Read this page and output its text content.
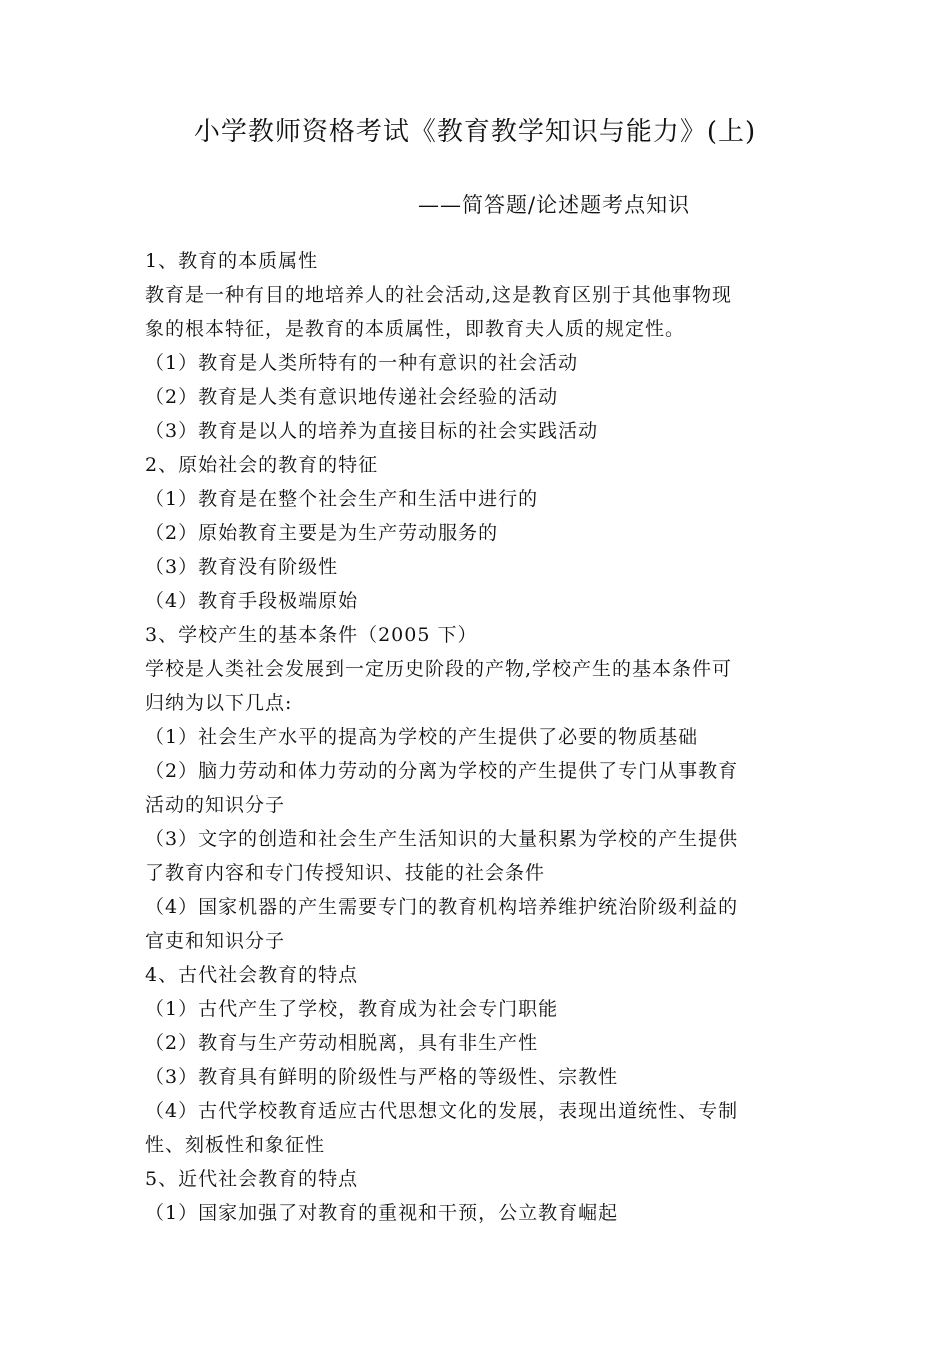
小学教师资格考试《教育教学知识与能力》(上)
——简答题/论述题考点知识
1、教育的本质属性
教育是一种有目的地培养人的社会活动,这是教育区别于其他事物现
象的根本特征，是教育的本质属性，即教育夫人质的规定性。
（1）教育是人类所特有的一种有意识的社会活动
（2）教育是人类有意识地传递社会经验的活动
（3）教育是以人的培养为直接目标的社会实践活动
2、原始社会的教育的特征
（1）教育是在整个社会生产和生活中进行的
（2）原始教育主要是为生产劳动服务的
（3）教育没有阶级性
（4）教育手段极端原始
3、学校产生的基本条件（2005 下）
学校是人类社会发展到一定历史阶段的产物,学校产生的基本条件可
归纳为以下几点:
（1）社会生产水平的提高为学校的产生提供了必要的物质基础
（2）脑力劳动和体力劳动的分离为学校的产生提供了专门从事教育
活动的知识分子
（3）文字的创造和社会生产生活知识的大量积累为学校的产生提供
了教育内容和专门传授知识、技能的社会条件
（4）国家机器的产生需要专门的教育机构培养维护统治阶级利益的
官吏和知识分子
4、古代社会教育的特点
（1）古代产生了学校，教育成为社会专门职能
（2）教育与生产劳动相脱离，具有非生产性
（3）教育具有鲜明的阶级性与严格的等级性、宗教性
（4）古代学校教育适应古代思想文化的发展，表现出道统性、专制
性、刻板性和象征性
5、近代社会教育的特点
（1）国家加强了对教育的重视和干预，公立教育崛起
